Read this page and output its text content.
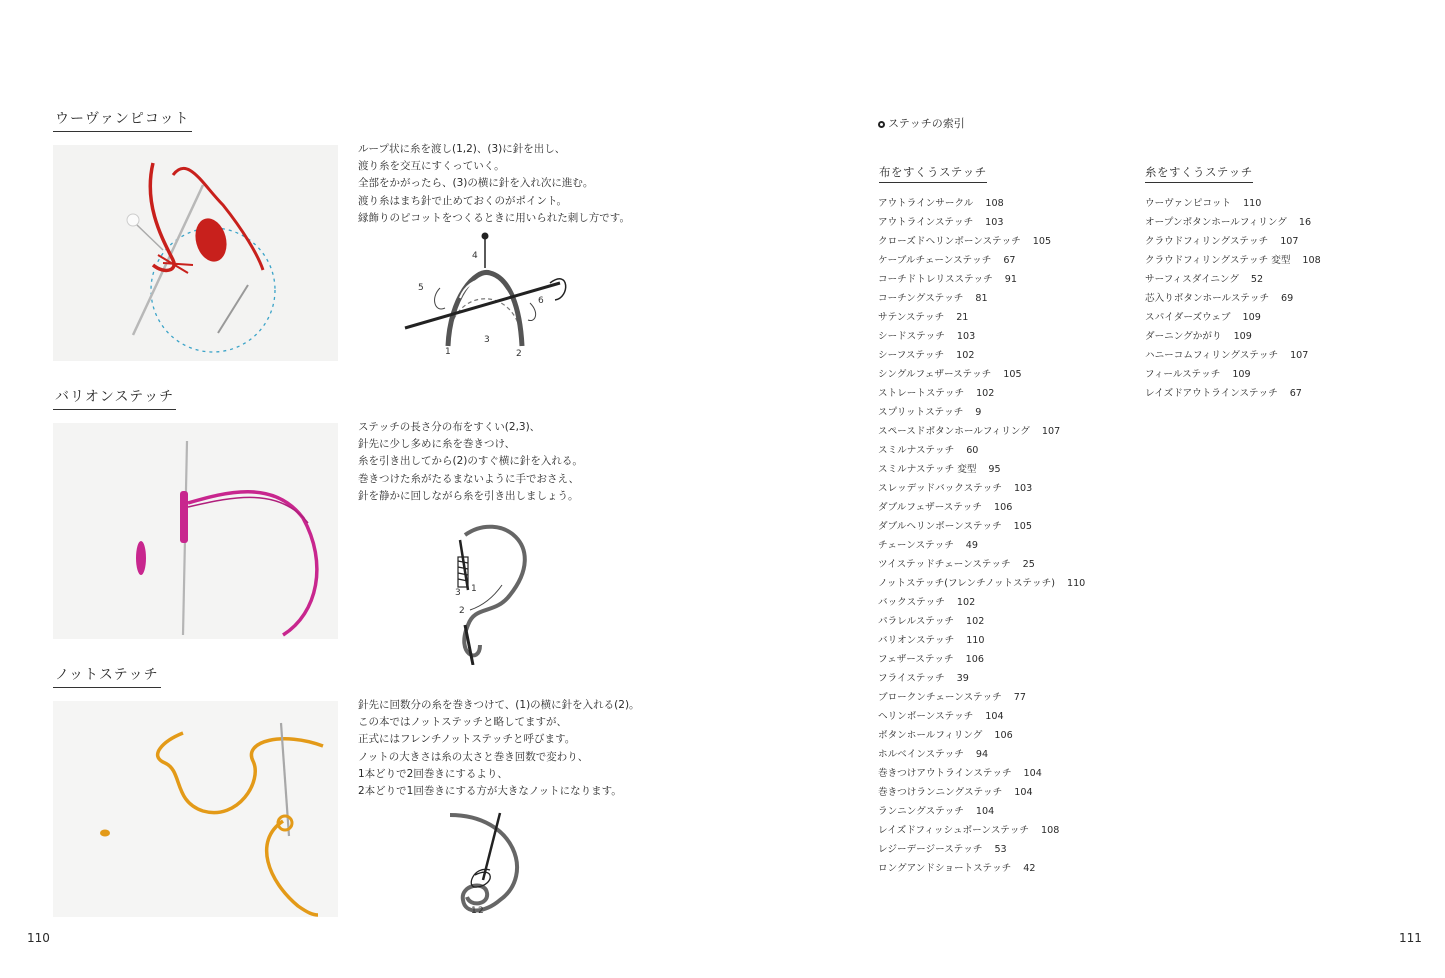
ウーヴァンピコット
ループ状に糸を渡し(1,2)、(3)に針を出し、
渡り糸を交互にすくっていく。
全部をかがったら、(3)の横に針を入れ次に進む。
渡り糸はまち針で止めておくのがポイント。
縁飾りのピコットをつくるときに用いられた刺し方です。
4
5
6
1
3
2
バリオンステッチ
ステッチの長さ分の布をすくい(2,3)、
針先に少し多めに糸を巻きつけ、
糸を引き出してから(2)のすぐ横に針を入れる。
巻きつけた糸がたるまないように手でおさえ、
針を静かに回しながら糸を引き出しましょう。
3 1
2
ノットステッチ
針先に回数分の糸を巻きつけて、(1)の横に針を入れる(2)。
この本ではノットステッチと略してますが、
正式にはフレンチノットステッチと呼びます。
ノットの大きさは糸の太さと巻き回数で変わり、
1本どりで2回巻きにするより、
2本どりで1回巻きにする方が大きなノットになります。
1 2
110
ステッチの索引
布をすくうステッチ
アウトラインサークル 108
アウトラインステッチ 103
クローズドヘリンボーンステッチ 105
ケーブルチェーンステッチ 67
コーチドトレリスステッチ 91
コーチングステッチ 81
サテンステッチ 21
シードステッチ 103
シーフステッチ 102
シングルフェザーステッチ 105
ストレートステッチ 102
スプリットステッチ 9
スペースドボタンホールフィリング 107
スミルナステッチ 60
スミルナステッチ 変型 95
スレッデッドバックステッチ 103
ダブルフェザーステッチ 106
ダブルヘリンボーンステッチ 105
チェーンステッチ 49
ツイステッドチェーンステッチ 25
ノットステッチ(フレンチノットステッチ) 110
バックステッチ 102
パラレルステッチ 102
バリオンステッチ 110
フェザーステッチ 106
フライステッチ 39
ブロークンチェーンステッチ 77
ヘリンボーンステッチ 104
ボタンホールフィリング 106
ホルベインステッチ 94
巻きつけアウトラインステッチ 104
巻きつけランニングステッチ 104
ランニングステッチ 104
レイズドフィッシュボーンステッチ 108
レジーデージーステッチ 53
ロングアンドショートステッチ 42
糸をすくうステッチ
ウーヴァンピコット 110
オープンボタンホールフィリング 16
クラウドフィリングステッチ 107
クラウドフィリングステッチ 変型 108
サーフィスダイニング 52
芯入りボタンホールステッチ 69
スパイダーズウェブ 109
ダーニングかがり 109
ハニーコムフィリングステッチ 107
フィールステッチ 109
レイズドアウトラインステッチ 67
111
